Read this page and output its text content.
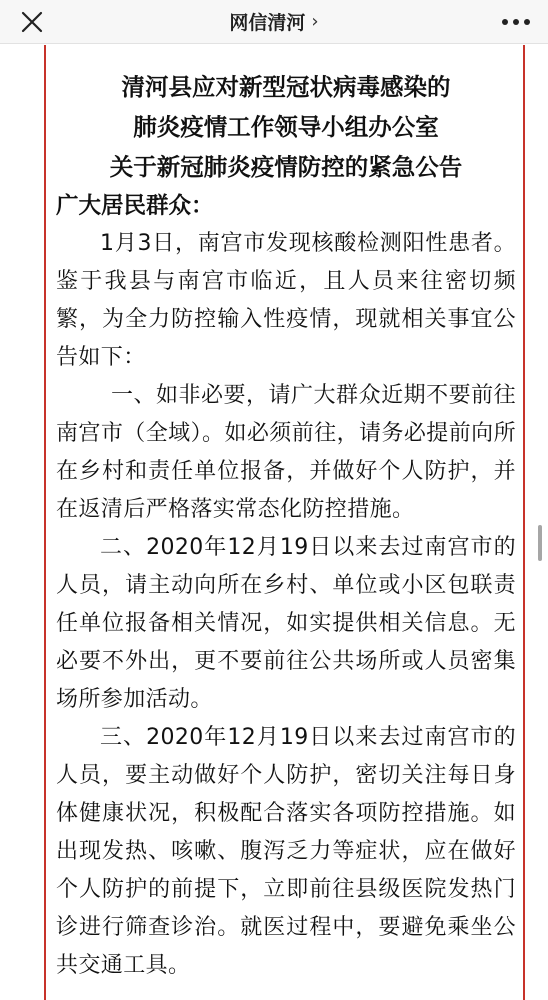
网信清河 ›

清河县应对新型冠状病毒感染的

肺炎疫情工作领导小组办公室

关于新冠肺炎疫情防控的紧急公告

广大居民群众：

1月3日，南宫市发现核酸检测阳性患者。鉴于我县与南宫市临近，且人员来往密切频繁，为全力防控输入性疫情，现就相关事宜公告如下：

一、如非必要，请广大群众近期不要前往南宫市（全域）。如必须前往，请务必提前向所在乡村和责任单位报备，并做好个人防护，并在返清后严格落实常态化防控措施。

二、2020年12月19日以来去过南宫市的人员，请主动向所在乡村、单位或小区包联责任单位报备相关情况，如实提供相关信息。无必要不外出，更不要前往公共场所或人员密集场所参加活动。

三、2020年12月19日以来去过南宫市的人员，要主动做好个人防护，密切关注每日身体健康状况，积极配合落实各项防控措施。如出现发热、咳嗽、腹泻乏力等症状，应在做好个人防护的前提下，立即前往县级医院发热门诊进行筛查诊治。就医过程中，要避免乘坐公共交通工具。
